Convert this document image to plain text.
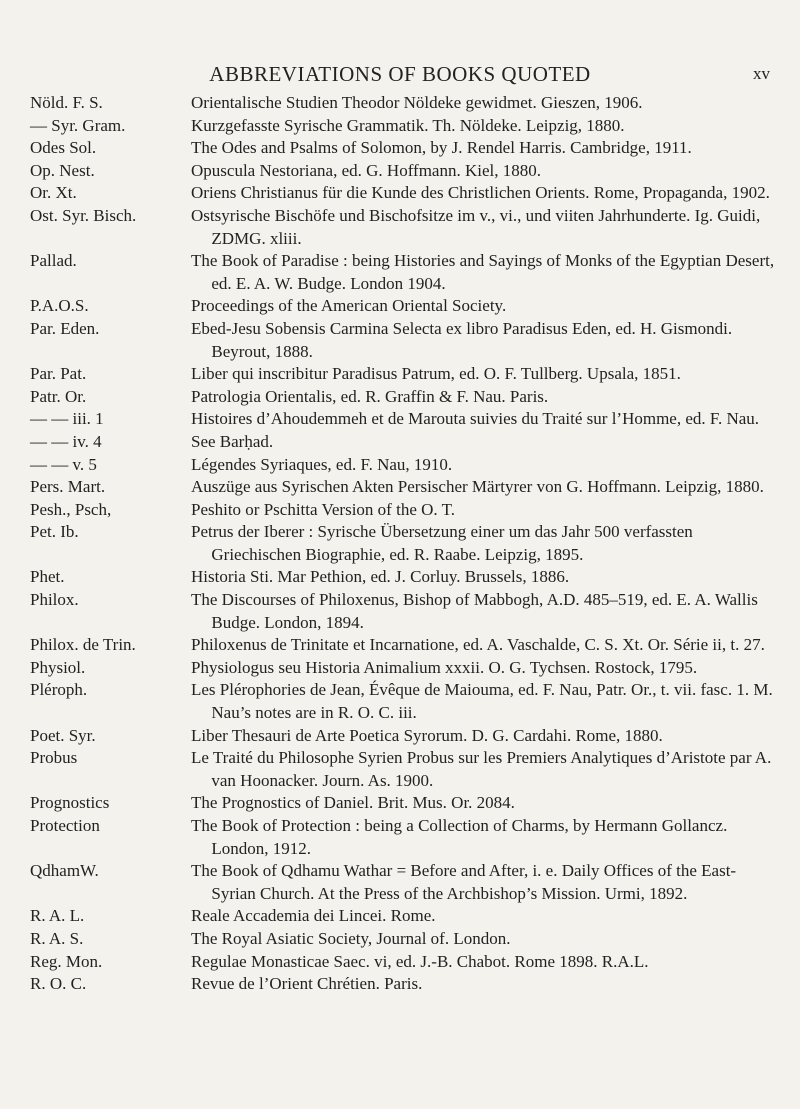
ABBREVIATIONS OF BOOKS QUOTED	xv
Nöld. F. S.	Orientalische Studien Theodor Nöldeke gewidmet. Gieszen, 1906.
— Syr. Gram.	Kurzgefasste Syrische Grammatik. Th. Nöldeke. Leipzig, 1880.
Odes Sol.	The Odes and Psalms of Solomon, by J. Rendel Harris. Cambridge, 1911.
Op. Nest.	Opuscula Nestoriana, ed. G. Hoffmann. Kiel, 1880.
Or. Xt.	Oriens Christianus für die Kunde des Christlichen Orients. Rome, Propaganda, 1902.
Ost. Syr. Bisch.	Ostsyrische Bischöfe und Bischofsitze im v., vi., und viiten Jahrhunderte. Ig. Guidi, ZDMG. xliii.
Pallad.	The Book of Paradise : being Histories and Sayings of Monks of the Egyptian Desert, ed. E. A. W. Budge. London 1904.
P.A.O.S.	Proceedings of the American Oriental Society.
Par. Eden.	Ebed-Jesu Sobensis Carmina Selecta ex libro Paradisus Eden, ed. H. Gismondi. Beyrout, 1888.
Par. Pat.	Liber qui inscribitur Paradisus Patrum, ed. O. F. Tullberg. Upsala, 1851.
Patr. Or.	Patrologia Orientalis, ed. R. Graffin & F. Nau. Paris.
— — iii. 1	Histoires d’Ahoudemmeh et de Marouta suivies du Traité sur l’Homme, ed. F. Nau.
— — iv. 4	See Barḥad.
— — v. 5	Légendes Syriaques, ed. F. Nau, 1910.
Pers. Mart.	Auszüge aus Syrischen Akten Persischer Märtyrer von G. Hoffmann. Leipzig, 1880.
Pesh., Psch,	Peshito or Pschitta Version of the O. T.
Pet. Ib.	Petrus der Iberer : Syrische Übersetzung einer um das Jahr 500 verfassten Griechischen Biographie, ed. R. Raabe. Leipzig, 1895.
Phet.	Historia Sti. Mar Pethion, ed. J. Corluy. Brussels, 1886.
Philox.	The Discourses of Philoxenus, Bishop of Mabbogh, A.D. 485–519, ed. E. A. Wallis Budge. London, 1894.
Philox. de Trin.	Philoxenus de Trinitate et Incarnatione, ed. A. Vaschalde, C. S. Xt. Or. Série ii, t. 27.
Physiol.	Physiologus seu Historia Animalium xxxii. O. G. Tychsen. Rostock, 1795.
Pléroph.	Les Plérophories de Jean, Évêque de Maiouma, ed. F. Nau, Patr. Or., t. vii. fasc. 1. M. Nau’s notes are in R. O. C. iii.
Poet. Syr.	Liber Thesauri de Arte Poetica Syrorum. D. G. Cardahi. Rome, 1880.
Probus	Le Traité du Philosophe Syrien Probus sur les Premiers Analytiques d’Aristote par A. van Hoonacker. Journ. As. 1900.
Prognostics	The Prognostics of Daniel. Brit. Mus. Or. 2084.
Protection	The Book of Protection : being a Collection of Charms, by Hermann Gollancz. London, 1912.
QdhamW.	The Book of Qdhamu Wathar = Before and After, i. e. Daily Offices of the East-Syrian Church. At the Press of the Archbishop’s Mission. Urmi, 1892.
R. A. L.	Reale Accademia dei Lincei. Rome.
R. A. S.	The Royal Asiatic Society, Journal of. London.
Reg. Mon.	Regulae Monasticae Saec. vi, ed. J.-B. Chabot. Rome 1898. R.A.L.
R. O. C.	Revue de l’Orient Chrétien. Paris.
